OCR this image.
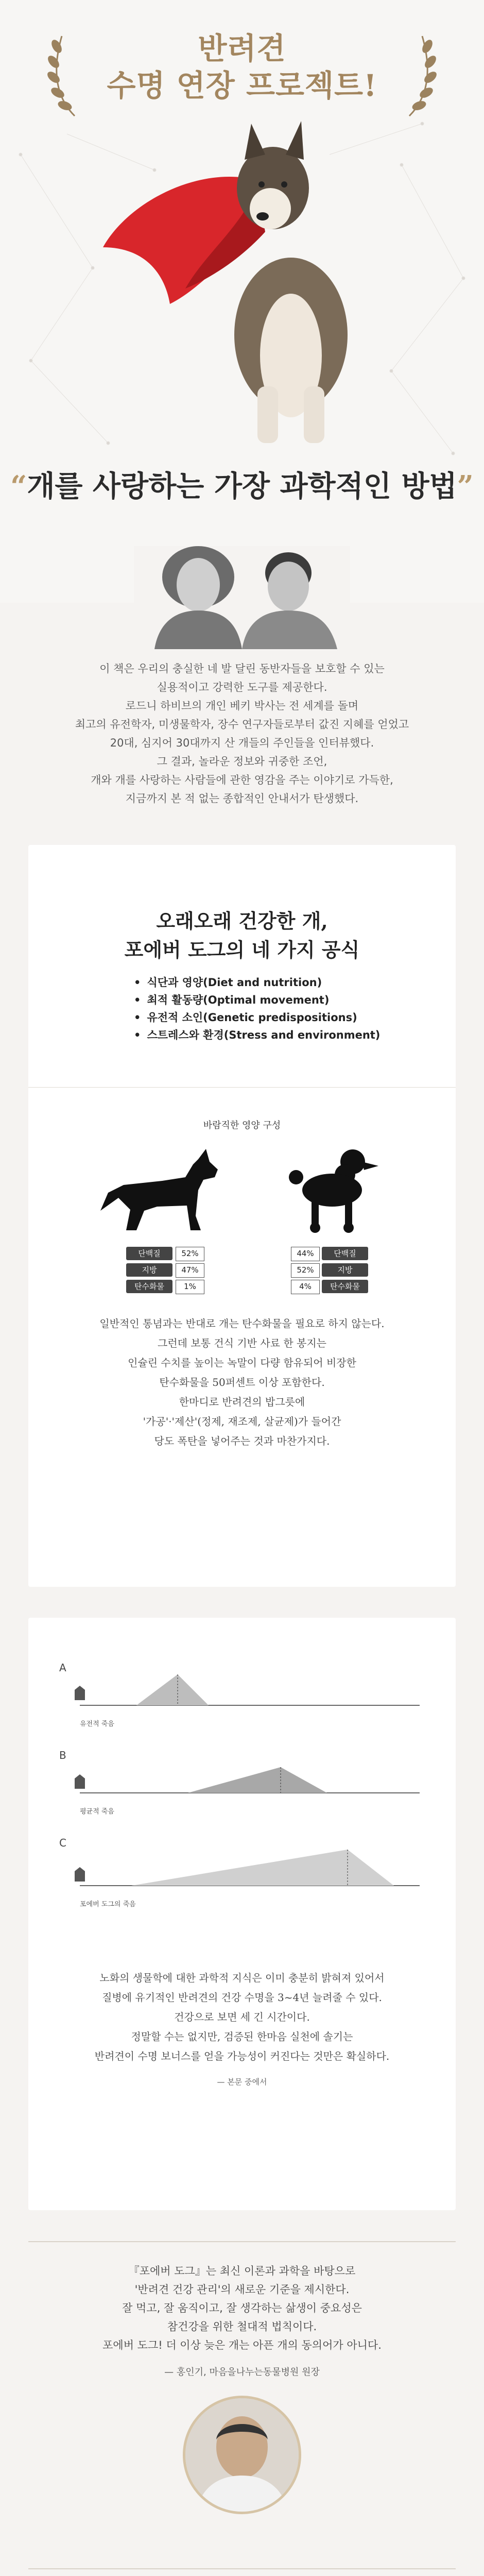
반려견
수명 연장 프로젝트!
“개를 사랑하는 가장 과학적인 방법”
이 책은 우리의 충실한 네 발 달린 동반자들을 보호할 수 있는
실용적이고 강력한 도구를 제공한다.
로드니 하비브의 개인 베키 박사는 전 세계를 돌며
최고의 유전학자, 미생물학자, 장수 연구자들로부터 값진 지혜를 얻었고
20대, 심지어 30대까지 산 개들의 주인들을 인터뷰했다.
그 결과, 놀라운 정보와 귀중한 조언,
개와 개를 사랑하는 사람들에 관한 영감을 주는 이야기로 가득한,
지금까지 본 적 없는 종합적인 안내서가 탄생했다.
오래오래 건강한 개,
포에버 도그의 네 가지 공식
• 식단과 영양(Diet and nutrition)
• 최적 활동량(Optimal movement)
• 유전적 소인(Genetic predispositions)
• 스트레스와 환경(Stress and environment)
바람직한 영양 구성
단백질	52%
지방	47%
탄수화물	1%
44%	단백질
52%	지방
4%	탄수화물
일반적인 통념과는 반대로 개는 탄수화물을 필요로 하지 않는다.
그런데 보통 건식 기반 사료 한 봉지는
인슐린 수치를 높이는 녹말이 다량 함유되어 비장한
탄수화물을 50퍼센트 이상 포함한다.
한마디로 반려견의 밥그릇에
'가공'·'제산'(정제, 재조제, 살균제)가 들어간
당도 폭탄을 넣어주는 것과 마찬가지다.
A
유전적 죽음
B
평균적 죽음
C
포에버 도그의 죽음
노화의 생물학에 대한 과학적 지식은 이미 충분히 밝혀져 있어서
질병에 유기적인 반려견의 건강 수명을 3~4년 늘려줄 수 있다.
건강으로 보면 세 긴 시간이다.
정말할 수는 없지만, 검증된 한마음 실천에 솔기는
반려견이 수명 보너스를 얻을 가능성이 커진다는 것만은 확실하다.
— 본문 중에서
『포에버 도그』는 최신 이론과 과학을 바탕으로
'반려견 건강 관리'의 새로운 기준을 제시한다.
잘 먹고, 잘 움직이고, 잘 생각하는 삶생이 중요성은
참건강을 위한 철대적 법칙이다.
포에버 도그! 더 이상 늦은 개는 아픈 개의 동의어가 아니다.
— 홍인기, 마음을나누는동물병원 원장
